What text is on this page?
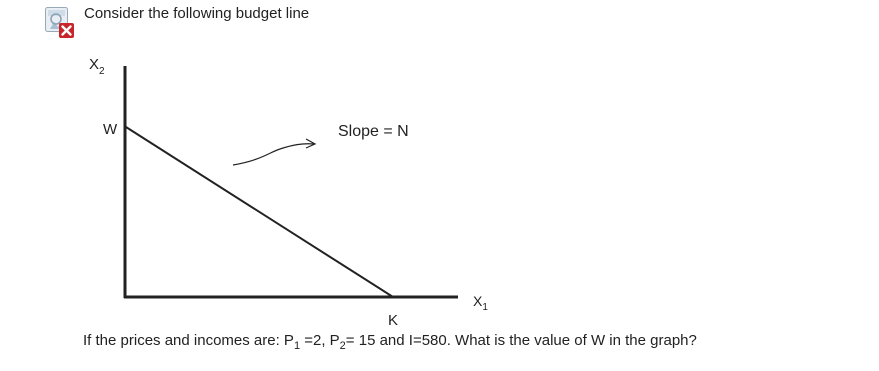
Consider the following budget line
$X_2$
W	Slope = N
$X_1$
K
If the prices and incomes are: $P_1 =2$, $P_2= 15$ and I=580. What is the value of W in the graph?
